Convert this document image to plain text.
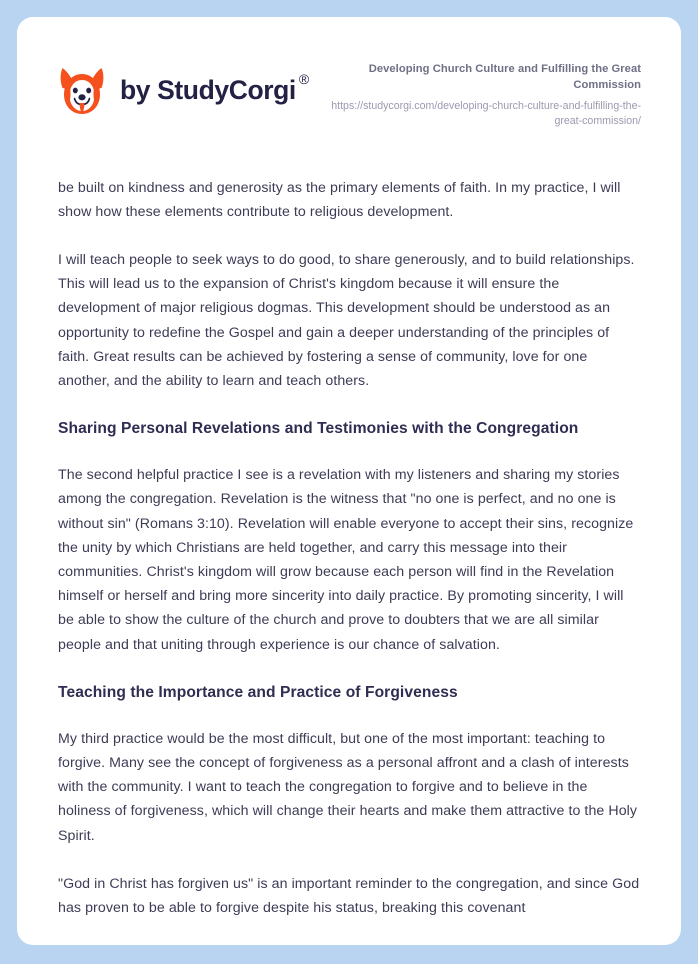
by StudyCorgi ®
Developing Church Culture and Fulfilling the Great Commission
https://studycorgi.com/developing-church-culture-and-fulfilling-the-great-commission/

be built on kindness and generosity as the primary elements of faith. In my practice, I will show how these elements contribute to religious development.

I will teach people to seek ways to do good, to share generously, and to build relationships. This will lead us to the expansion of Christ's kingdom because it will ensure the development of major religious dogmas. This development should be understood as an opportunity to redefine the Gospel and gain a deeper understanding of the principles of faith. Great results can be achieved by fostering a sense of community, love for one another, and the ability to learn and teach others.

Sharing Personal Revelations and Testimonies with the Congregation

The second helpful practice I see is a revelation with my listeners and sharing my stories among the congregation. Revelation is the witness that "no one is perfect, and no one is without sin" (Romans 3:10). Revelation will enable everyone to accept their sins, recognize the unity by which Christians are held together, and carry this message into their communities. Christ's kingdom will grow because each person will find in the Revelation himself or herself and bring more sincerity into daily practice. By promoting sincerity, I will be able to show the culture of the church and prove to doubters that we are all similar people and that uniting through experience is our chance of salvation.

Teaching the Importance and Practice of Forgiveness

My third practice would be the most difficult, but one of the most important: teaching to forgive. Many see the concept of forgiveness as a personal affront and a clash of interests with the community. I want to teach the congregation to forgive and to believe in the holiness of forgiveness, which will change their hearts and make them attractive to the Holy Spirit.

"God in Christ has forgiven us" is an important reminder to the congregation, and since God has proven to be able to forgive despite his status, breaking this covenant
